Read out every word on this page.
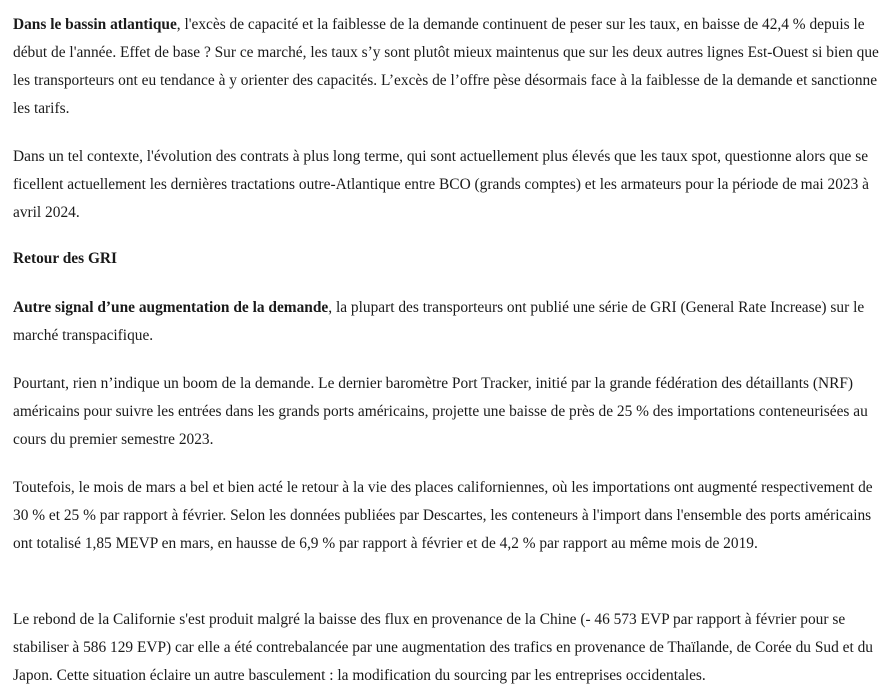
Dans le bassin atlantique, l'excès de capacité et la faiblesse de la demande continuent de peser sur les taux, en baisse de 42,4 % depuis le début de l'année. Effet de base ? Sur ce marché, les taux s’y sont plutôt mieux maintenus que sur les deux autres lignes Est-Ouest si bien que les transporteurs ont eu tendance à y orienter des capacités. L’excès de l’offre pèse désormais face à la faiblesse de la demande et sanctionne les tarifs.

Dans un tel contexte, l'évolution des contrats à plus long terme, qui sont actuellement plus élevés que les taux spot, questionne alors que se ficellent actuellement les dernières tractations outre-Atlantique entre BCO (grands comptes) et les armateurs pour la période de mai 2023 à avril 2024.

Retour des GRI

Autre signal d’une augmentation de la demande, la plupart des transporteurs ont publié une série de GRI (General Rate Increase) sur le marché transpacifique.

Pourtant, rien n’indique un boom de la demande. Le dernier baromètre Port Tracker, initié par la grande fédération des détaillants (NRF) américains pour suivre les entrées dans les grands ports américains, projette une baisse de près de 25 % des importations conteneurisées au cours du premier semestre 2023.

Toutefois, le mois de mars a bel et bien acté le retour à la vie des places californiennes, où les importations ont augmenté respectivement de 30 % et 25 % par rapport à février. Selon les données publiées par Descartes, les conteneurs à l'import dans l'ensemble des ports américains ont totalisé 1,85 MEVP en mars, en hausse de 6,9 % par rapport à février et de 4,2 % par rapport au même mois de 2019.

Le rebond de la Californie s'est produit malgré la baisse des flux en provenance de la Chine (- 46 573 EVP par rapport à février pour se stabiliser à 586 129 EVP) car elle a été contrebalancée par une augmentation des trafics en provenance de Thaïlande, de Corée du Sud et du Japon. Cette situation éclaire un autre basculement : la modification du sourcing par les entreprises occidentales.
